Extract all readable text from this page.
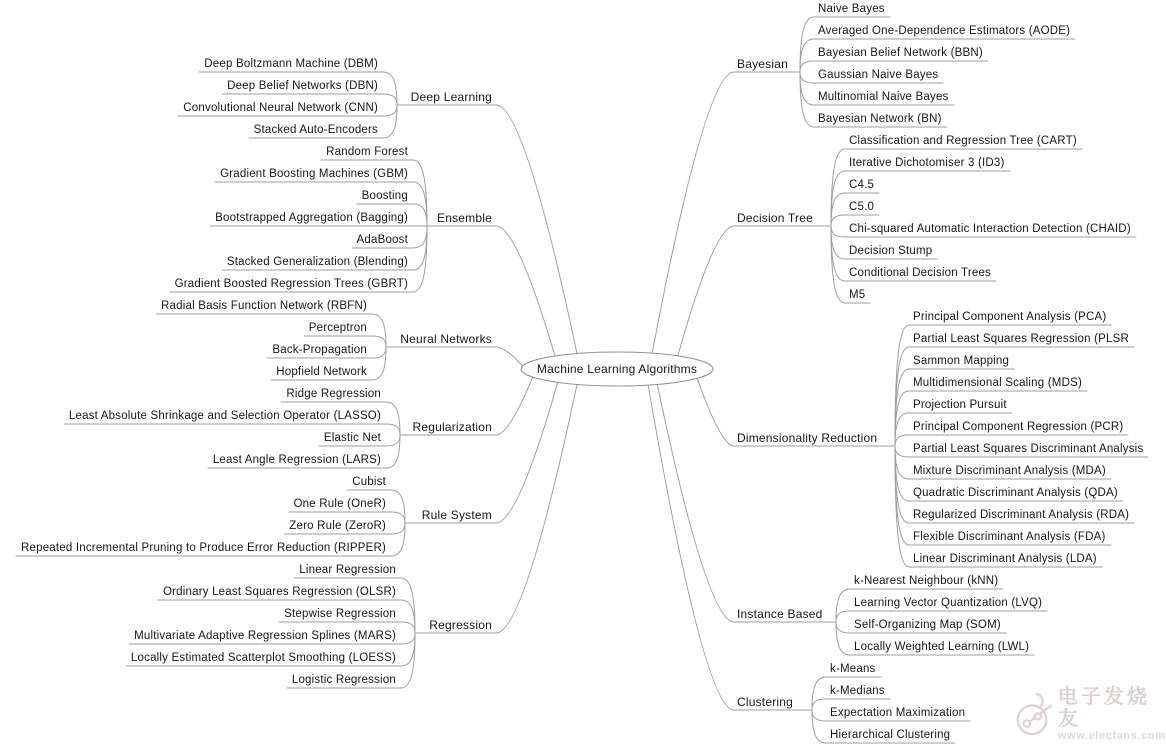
电子发烧友
www.elecfans.com
Deep Learning
Deep Boltzmann Machine (DBM)
Deep Belief Networks (DBN)
Convolutional Neural Network (CNN)
Stacked Auto-Encoders
Ensemble
Random Forest
Gradient Boosting Machines (GBM)
Boosting
Bootstrapped Aggregation (Bagging)
AdaBoost
Stacked Generalization (Blending)
Gradient Boosted Regression Trees (GBRT)
Neural Networks
Radial Basis Function Network (RBFN)
Perceptron
Back-Propagation
Hopfield Network
Regularization
Ridge Regression
Least Absolute Shrinkage and Selection Operator (LASSO)
Elastic Net
Least Angle Regression (LARS)
Rule System
Cubist
One Rule (OneR)
Zero Rule (ZeroR)
Repeated Incremental Pruning to Produce Error Reduction (RIPPER)
Regression
Linear Regression
Ordinary Least Squares Regression (OLSR)
Stepwise Regression
Multivariate Adaptive Regression Splines (MARS)
Locally Estimated Scatterplot Smoothing (LOESS)
Logistic Regression
Bayesian
Naive Bayes
Averaged One-Dependence Estimators (AODE)
Bayesian Belief Network (BBN)
Gaussian Naive Bayes
Multinomial Naive Bayes
Bayesian Network (BN)
Decision Tree
Classification and Regression Tree (CART)
Iterative Dichotomiser 3 (ID3)
C4.5
C5.0
Chi-squared Automatic Interaction Detection (CHAID)
Decision Stump
Conditional Decision Trees
M5
Dimensionality Reduction
Principal Component Analysis (PCA)
Partial Least Squares Regression (PLSR
Sammon Mapping
Multidimensional Scaling (MDS)
Projection Pursuit
Principal Component Regression (PCR)
Partial Least Squares Discriminant Analysis
Mixture Discriminant Analysis (MDA)
Quadratic Discriminant Analysis (QDA)
Regularized Discriminant Analysis (RDA)
Flexible Discriminant Analysis (FDA)
Linear Discriminant Analysis (LDA)
Instance Based
k-Nearest Neighbour (kNN)
Learning Vector Quantization (LVQ)
Self-Organizing Map (SOM)
Locally Weighted Learning (LWL)
Clustering
k-Means
k-Medians
Expectation Maximization
Hierarchical Clustering
Machine Learning Algorithms
